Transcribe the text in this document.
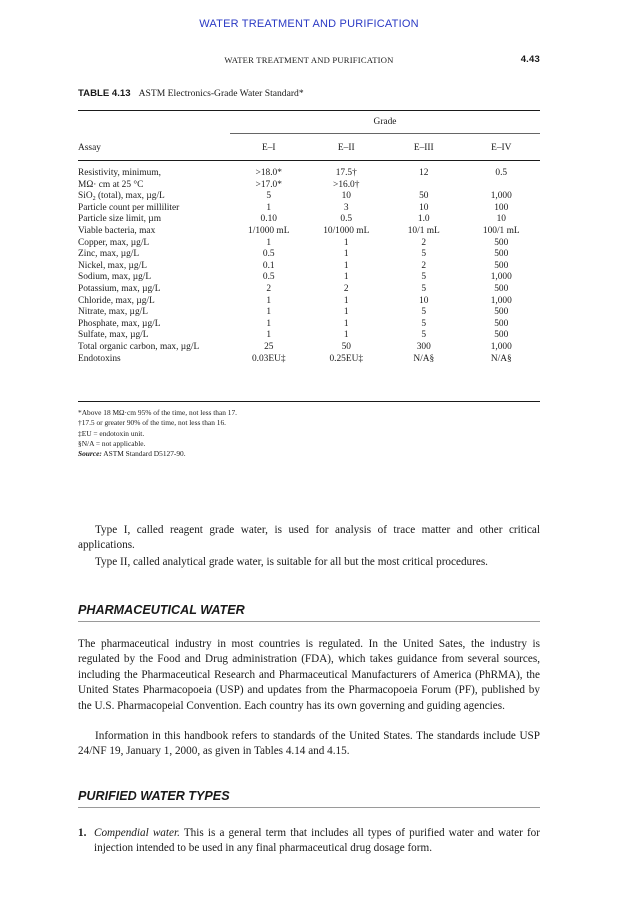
WATER TREATMENT AND PURIFICATION
WATER TREATMENT AND PURIFICATION	4.43
TABLE 4.13 ASTM Electronics-Grade Water Standard*
Grade
Assay	E–I	E–II	E–III	E–IV

Resistivity, minimum,	>18.0*	17.5†	12	0.5
MΩ· cm at 25 °C	>17.0*	>16.0†		
SiO$_2$ (total), max, µg/L	5	10	50	1,000
Particle count per milliliter	1	3	10	100
Particle size limit, µm	0.10	0.5	1.0	10
Viable bacteria, max	1/1000 mL	10/1000 mL	10/1 mL	100/1 mL
Copper, max, µg/L	1	1	2	500
Zinc, max, µg/L	0.5	1	5	500
Nickel, max, µg/L	0.1	1	2	500
Sodium, max, µg/L	0.5	1	5	1,000
Potassium, max, µg/L	2	2	5	500
Chloride, max, µg/L	1	1	10	1,000
Nitrate, max, µg/L	1	1	5	500
Phosphate, max, µg/L	1	1	5	500
Sulfate, max, µg/L	1	1	5	500
Total organic carbon, max, µg/L	25	50	300	1,000
Endotoxins	0.03EU‡	0.25EU‡	N/A§	N/A§
*Above 18 MΩ·cm 95% of the time, not less than 17.
†17.5 or greater 90% of the time, not less than 16.
‡EU = endotoxin unit.
§N/A = not applicable.
Source: ASTM Standard D5127-90.
Type I, called reagent grade water, is used for analysis of trace matter and other critical applications.
Type II, called analytical grade water, is suitable for all but the most critical procedures.
PHARMACEUTICAL WATER
The pharmaceutical industry in most countries is regulated. In the United Sates, the industry is regulated by the Food and Drug administration (FDA), which takes guidance from several sources, including the Pharmaceutical Research and Pharmaceutical Manufacturers of America (PhRMA), the United States Pharmacopoeia (USP) and updates from the Pharmacopoeia Forum (PF), published by the U.S. Pharmacopeial Convention. Each country has its own governing and guiding agencies.
Information in this handbook refers to standards of the United States. The standards include USP 24/NF 19, January 1, 2000, as given in Tables 4.14 and 4.15.
PURIFIED WATER TYPES
1. Compendial water. This is a general term that includes all types of purified water and water for injection intended to be used in any final pharmaceutical drug dosage form.
